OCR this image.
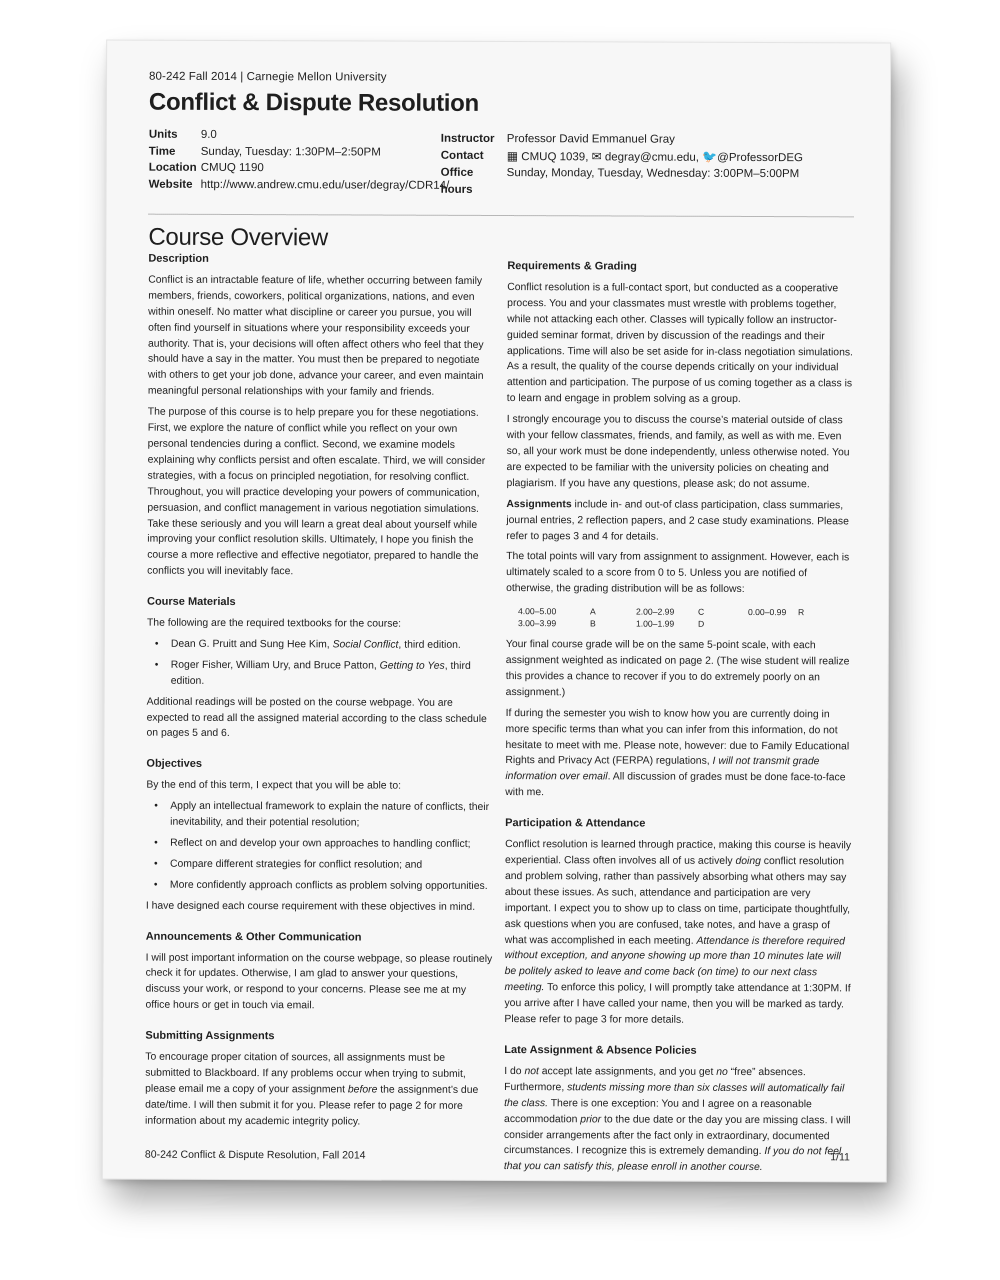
80-242 Fall 2014 | Carnegie Mellon University
Conflict & Dispute Resolution
Units	9.0
Time	Sunday, Tuesday: 1:30PM–2:50PM
Location CMUQ 1190
Website http://www.andrew.cmu.edu/user/degray/CDR14/
Instructor Professor David Emmanuel Gray
Contact	▦ CMUQ 1039, ✉ degray@cmu.edu, 🐦@ProfessorDEG
Office hours
Sunday, Monday, Tuesday, Wednesday: 3:00PM–5:00PM
Course Overview
Description

Conflict is an intractable feature of life, whether occurring between family members, friends, coworkers, political organizations, nations, and even within oneself. No matter what discipline or career you pursue, you will often find yourself in situations where your responsibility exceeds your authority. That is, your decisions will often affect others who feel that they should have a say in the matter. You must then be prepared to negotiate with others to get your job done, advance your career, and even maintain meaningful personal relationships with your family and friends.

The purpose of this course is to help prepare you for these negotiations. First, we explore the nature of conflict while you reflect on your own personal tendencies during a conflict. Second, we examine models explaining why conflicts persist and often escalate. Third, we will consider strategies, with a focus on principled negotiation, for resolving conflict. Throughout, you will practice developing your powers of communication, persuasion, and conflict management in various negotiation simulations. Take these seriously and you will learn a great deal about yourself while improving your conflict resolution skills. Ultimately, I hope you finish the course a more reflective and effective negotiator, prepared to handle the conflicts you will inevitably face.

Course Materials

The following are the required textbooks for the course:

• Dean G. Pruitt and Sung Hee Kim, Social Conflict, third edition.
• Roger Fisher, William Ury, and Bruce Patton, Getting to Yes, third edition.

Additional readings will be posted on the course webpage. You are expected to read all the assigned material according to the class schedule on pages 5 and 6.

Objectives

By the end of this term, I expect that you will be able to:

• Apply an intellectual framework to explain the nature of conflicts, their inevitability, and their potential resolution;
• Reflect on and develop your own approaches to handling conflict;
• Compare different strategies for conflict resolution; and
• More confidently approach conflicts as problem solving opportunities.

I have designed each course requirement with these objectives in mind.

Announcements & Other Communication

I will post important information on the course webpage, so please routinely check it for updates. Otherwise, I am glad to answer your questions, discuss your work, or respond to your concerns. Please see me at my office hours or get in touch via email.

Submitting Assignments

To encourage proper citation of sources, all assignments must be submitted to Blackboard. If any problems occur when trying to submit, please email me a copy of your assignment before the assignment’s due date/time. I will then submit it for you. Please refer to page 2 for more information about my academic integrity policy.

Requirements & Grading

Conflict resolution is a full-contact sport, but conducted as a cooperative process. You and your classmates must wrestle with problems together, while not attacking each other. Classes will typically follow an instructor-guided seminar format, driven by discussion of the readings and their applications. Time will also be set aside for in-class negotiation simulations. As a result, the quality of the course depends critically on your individual attention and participation. The purpose of us coming together as a class is to learn and engage in problem solving as a group.

I strongly encourage you to discuss the course’s material outside of class with your fellow classmates, friends, and family, as well as with me. Even so, all your work must be done independently, unless otherwise noted. You are expected to be familiar with the university policies on cheating and plagiarism. If you have any questions, please ask; do not assume.

Assignments include in- and out-of class participation, class summaries, journal entries, 2 reflection papers, and 2 case study examinations. Please refer to pages 3 and 4 for details.

The total points will vary from assignment to assignment. However, each is ultimately scaled to a score from 0 to 5. Unless you are notified of otherwise, the grading distribution will be as follows:

4.00–5.00	A	2.00–2.99	C	0.00–0.99	R
3.00–3.99	B	1.00–1.99	D

Your final course grade will be on the same 5-point scale, with each assignment weighted as indicated on page 2. (The wise student will realize this provides a chance to recover if you to do extremely poorly on an assignment.)

If during the semester you wish to know how you are currently doing in more specific terms than what you can infer from this information, do not hesitate to meet with me. Please note, however: due to Family Educational Rights and Privacy Act (FERPA) regulations, I will not transmit grade information over email. All discussion of grades must be done face-to-face with me.

Participation & Attendance

Conflict resolution is learned through practice, making this course is heavily experiential. Class often involves all of us actively doing conflict resolution and problem solving, rather than passively absorbing what others may say about these issues. As such, attendance and participation are very important. I expect you to show up to class on time, participate thoughtfully, ask questions when you are confused, take notes, and have a grasp of what was accomplished in each meeting. Attendance is therefore required without exception, and anyone showing up more than 10 minutes late will be politely asked to leave and come back (on time) to our next class meeting. To enforce this policy, I will promptly take attendance at 1:30PM. If you arrive after I have called your name, then you will be marked as tardy. Please refer to page 3 for more details.

Late Assignment & Absence Policies

I do not accept late assignments, and you get no “free” absences. Furthermore, students missing more than six classes will automatically fail the class. There is one exception: You and I agree on a reasonable accommodation prior to the due date or the day you are missing class. I will consider arrangements after the fact only in extraordinary, documented circumstances. I recognize this is extremely demanding. If you do not feel that you can satisfy this, please enroll in another course.

80-242 Conflict & Dispute Resolution, Fall 2014	1/11
